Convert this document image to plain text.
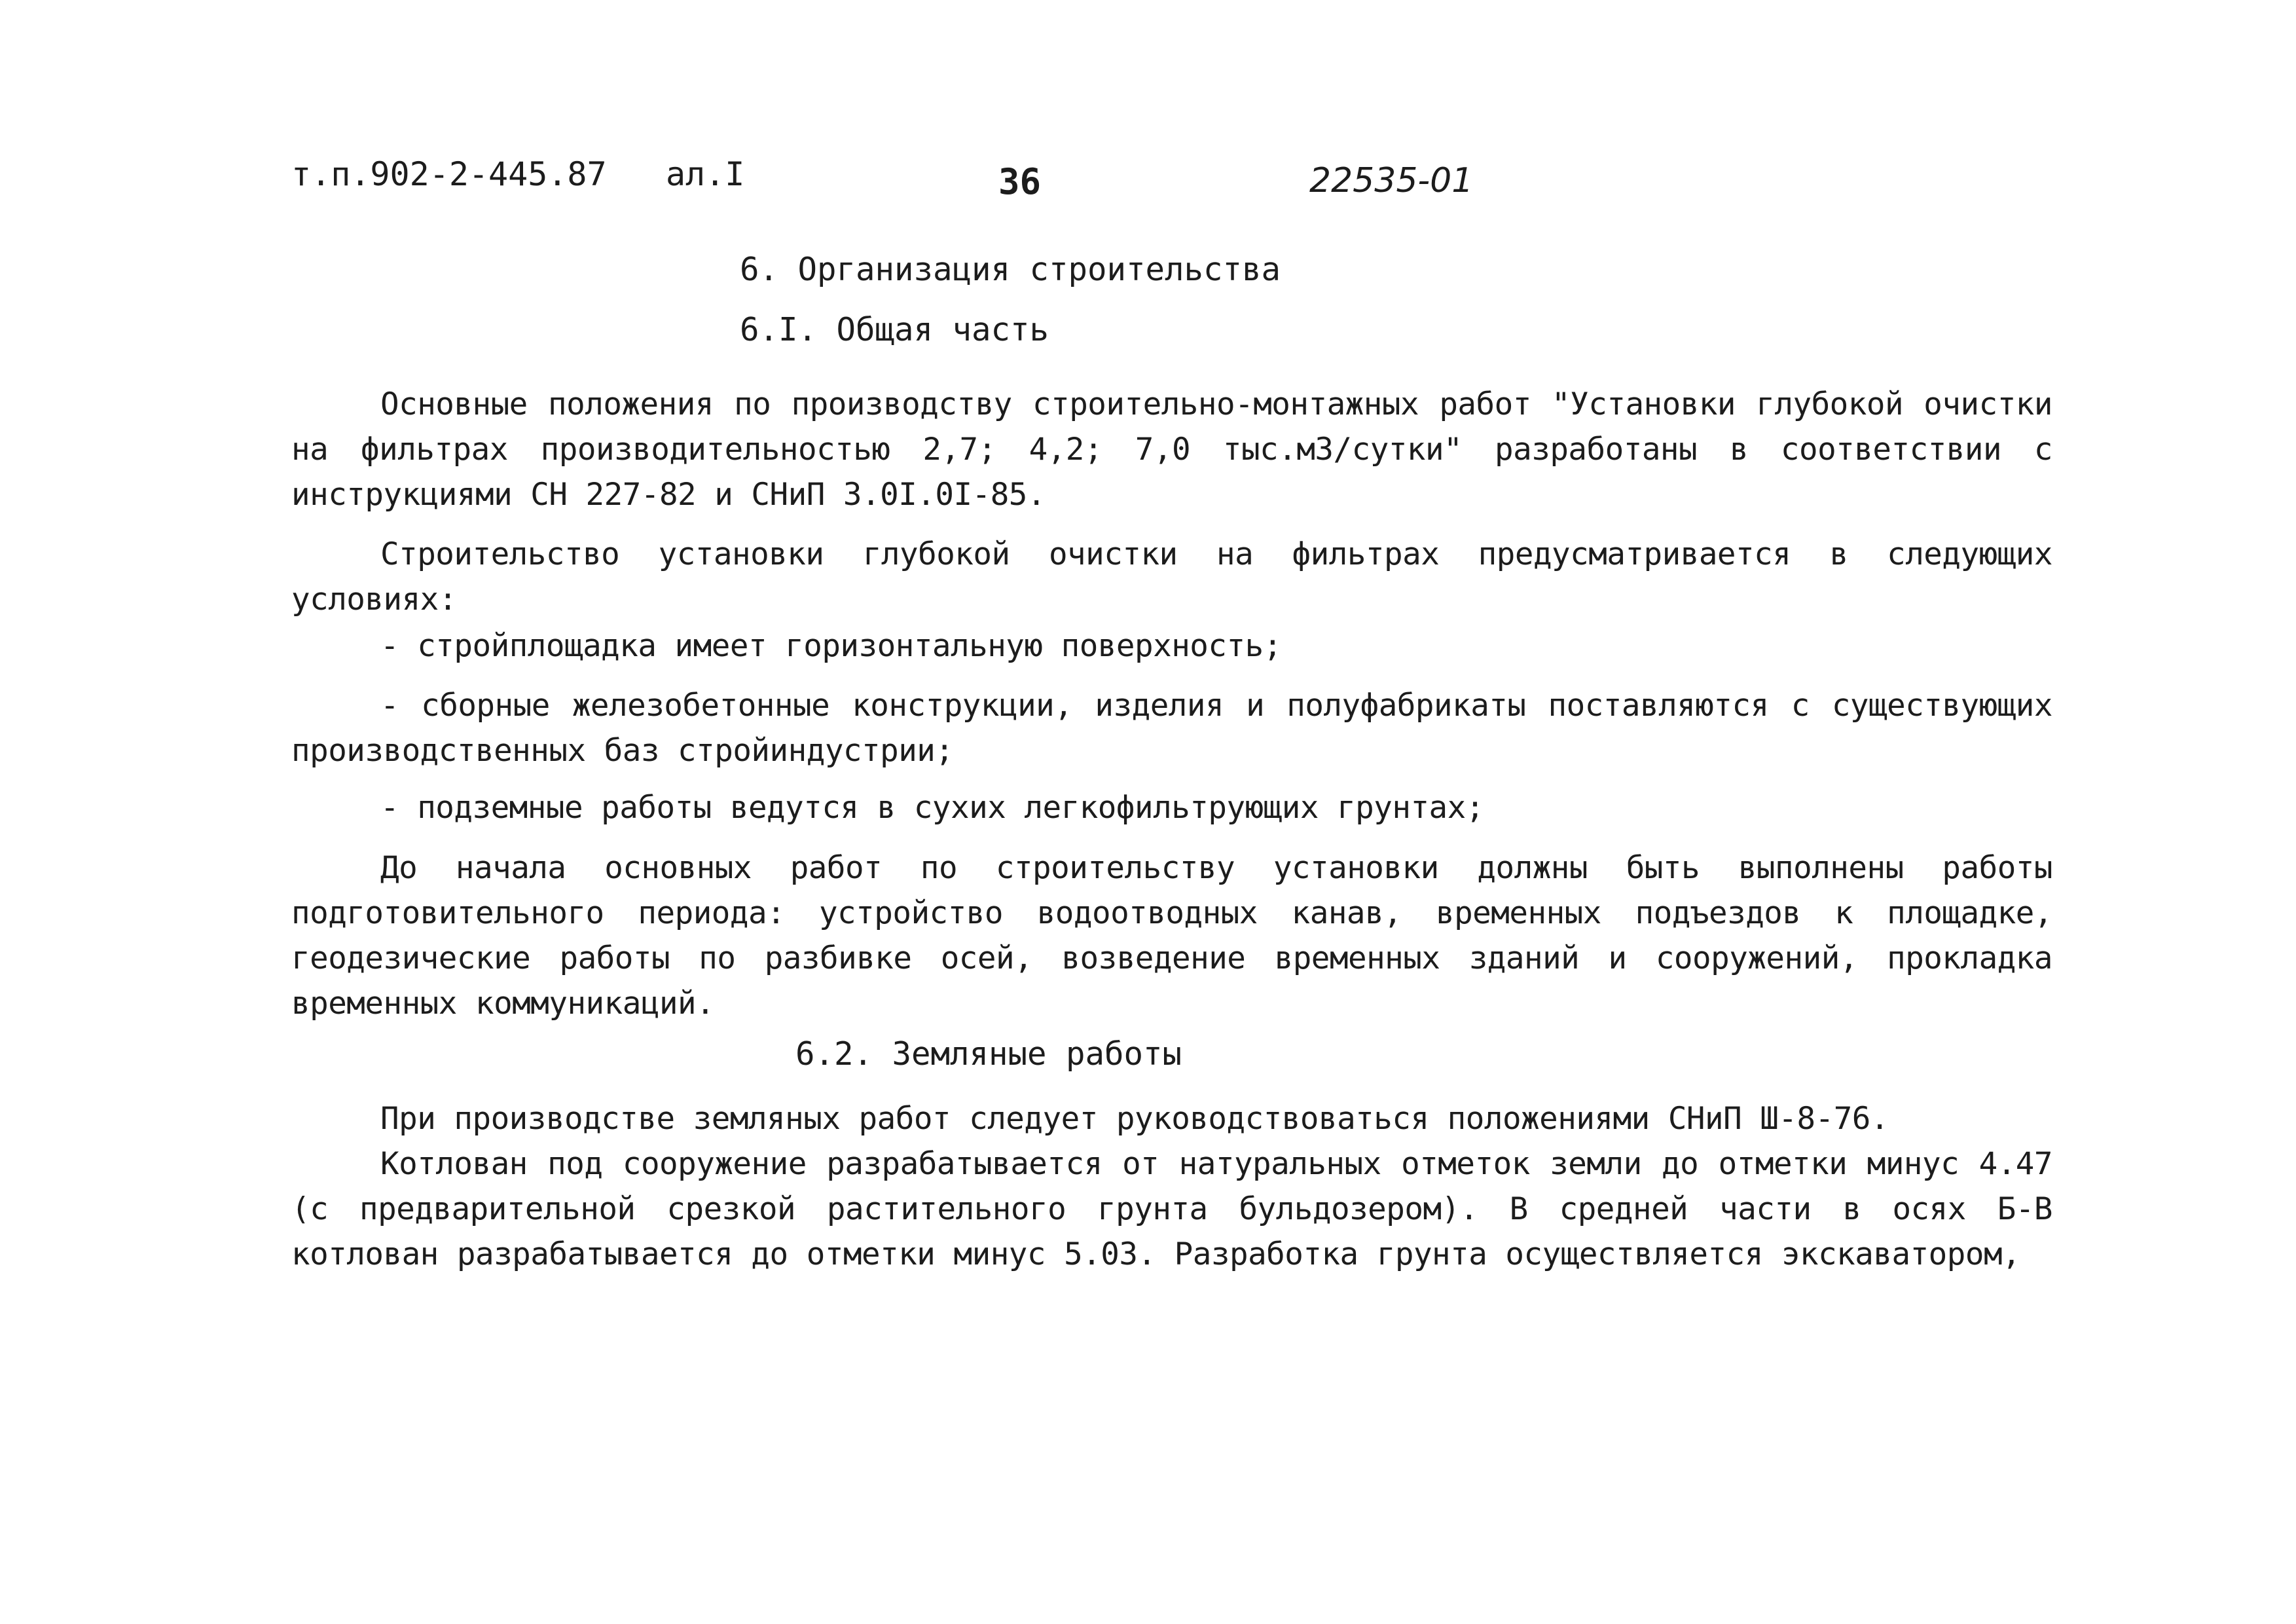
т.п.902-2-445.87   ал.I	36	22535-01
6. Организация строительства
6.I. Общая часть
Основные положения по производству строительно-монтажных работ "Установки глубокой очистки на фильтрах производительностью 2,7; 4,2; 7,0 тыс.м3/сутки" разработаны в соответствии с инструкциями СН 227-82 и СНиП 3.0I.0I-85.
Строительство установки глубокой очистки на фильтрах предусматривается в следующих условиях:
- стройплощадка имеет горизонтальную поверхность;
- сборные железобетонные конструкции, изделия и полуфабрикаты поставляются с существующих производственных баз стройиндустрии;
- подземные работы ведутся в сухих легкофильтрующих грунтах;
До начала основных работ по строительству установки должны быть выполнены работы подготовительного периода: устройство водоотводных канав, временных подъездов к площадке, геодезические работы по разбивке осей, возведение временных зданий и сооружений, прокладка временных коммуникаций.
6.2. Земляные работы
При производстве земляных работ следует руководствоваться положениями СНиП Ш-8-76.
Котлован под сооружение разрабатывается от натуральных отметок земли до отметки минус 4.47 (с предварительной срезкой растительного грунта бульдозером). В средней части в осях Б-В котлован разрабатывается до отметки минус 5.03. Разработка грунта осуществляется экскаватором,
